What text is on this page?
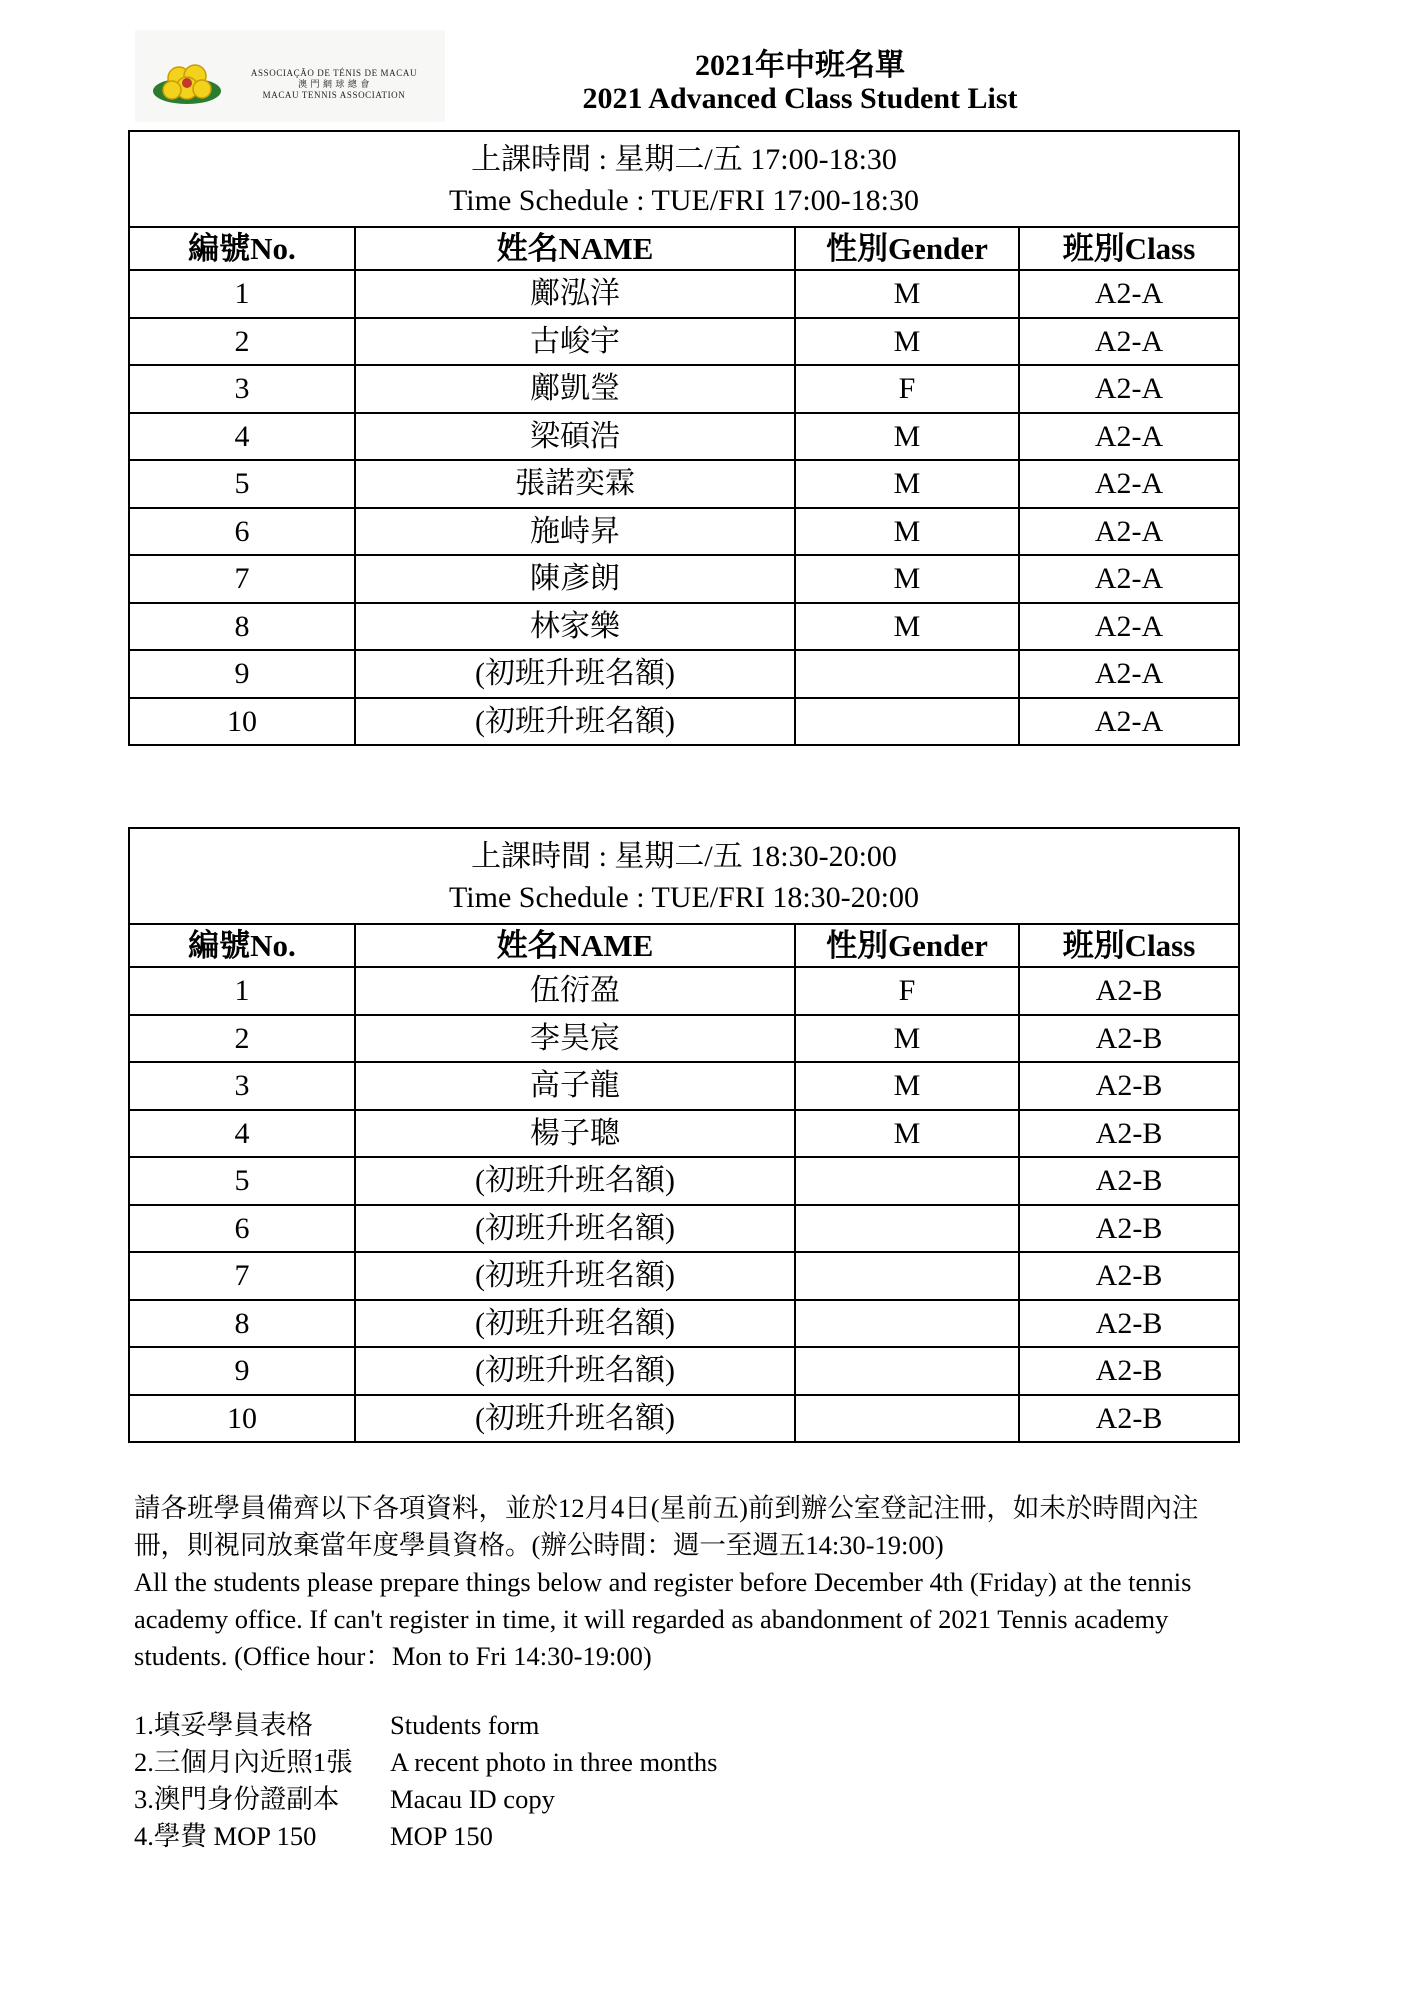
ASSOCIAÇÃO DE TÉNIS DE MACAU
澳 門 網 球 總 會
MACAU TENNIS ASSOCIATION
2021年中班名單
2021 Advanced Class Student List
上課時間 : 星期二/五 17:00-18:30
Time Schedule : TUE/FRI 17:00-18:30			

編號No.	姓名NAME	性別Gender	班別Class
1	鄺泓洋	M	A2-A
2	古峻宇	M	A2-A
3	鄺凱瑩	F	A2-A
4	梁碩浩	M	A2-A
5	張諾奕霖	M	A2-A
6	施峙昇	M	A2-A
7	陳彥朗	M	A2-A
8	林家樂	M	A2-A
9	(初班升班名額)		A2-A
10	(初班升班名額)		A2-A
上課時間 : 星期二/五 18:30-20:00
Time Schedule : TUE/FRI 18:30-20:00			

編號No.	姓名NAME	性別Gender	班別Class
1	伍衍盈	F	A2-B
2	李昊宸	M	A2-B
3	高子龍	M	A2-B
4	楊子聰	M	A2-B
5	(初班升班名額)		A2-B
6	(初班升班名額)		A2-B
7	(初班升班名額)		A2-B
8	(初班升班名額)		A2-B
9	(初班升班名額)		A2-B
10	(初班升班名額)		A2-B
請各班學員備齊以下各項資料，並於12月4日(星前五)前到辦公室登記注冊，如未於時間內注冊，則視同放棄當年度學員資格。(辦公時間：週一至週五14:30-19:00)
All the students please prepare things below and register before December 4th (Friday) at the tennis academy office. If can't register in time, it will regarded as abandonment of 2021 Tennis academy students. (Office hour：Mon to Fri 14:30-19:00)
1.填妥學員表格	Students form
2.三個月內近照1張 A recent photo in three months
3.澳門身份證副本 Macau ID copy
4.學費 MOP 150	MOP 150
